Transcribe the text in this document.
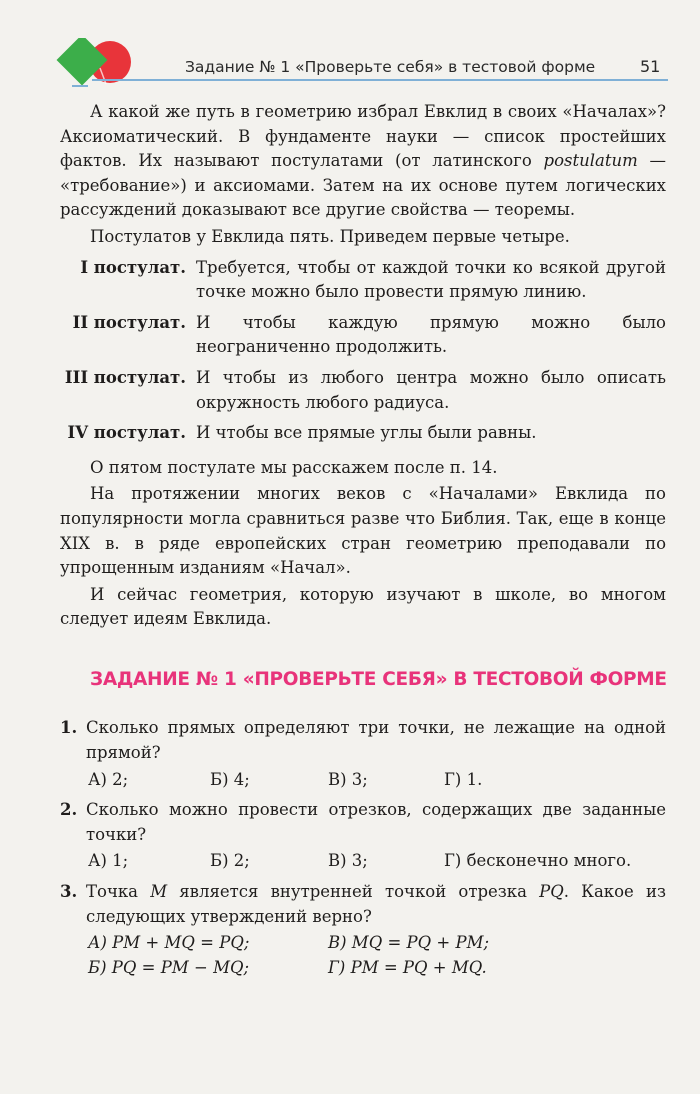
Задание № 1 «Проверьте себя» в тестовой форме	51

А какой же путь в геометрию избрал Евклид в своих «Началах»? Аксиоматический. В фундаменте науки — список простейших фактов. Их называют постулатами (от латинского postulatum — «требование») и аксиомами. Затем на их основе путем логических рассуждений доказывают все другие свойства — теоремы.

Постулатов у Евклида пять. Приведем первые четыре.

I постулат. Требуется, чтобы от каждой точки ко всякой другой точке можно было провести прямую линию.
II постулат. И чтобы каждую прямую можно было неограниченно продолжить.
III постулат. И чтобы из любого центра можно было описать окружность любого радиуса.
IV постулат. И чтобы все прямые углы были равны.

О пятом постулате мы расскажем после п. 14.

На протяжении многих веков с «Началами» Евклида по популярности могла сравниться разве что Библия. Так, еще в конце XIX в. в ряде европейских стран геометрию преподавали по упрощенным изданиям «Начал».

И сейчас геометрия, которую изучают в школе, во многом следует идеям Евклида.

ЗАДАНИЕ № 1 «ПРОВЕРЬТЕ СЕБЯ» В ТЕСТОВОЙ ФОРМЕ
1. Сколько прямых определяют три точки, не лежащие на одной прямой?
А) 2;	Б) 4;	В) 3;	Г) 1.
2. Сколько можно провести отрезков, содержащих две заданные точки?
А) 1;	Б) 2;	В) 3;	Г) бесконечно много.
3. Точка M является внутренней точкой отрезка PQ. Какое из следующих утверждений верно?
А) PM + MQ = PQ;	В) MQ = PQ + PM;
Б) PQ = PM − MQ;	Г) PM = PQ + MQ.
